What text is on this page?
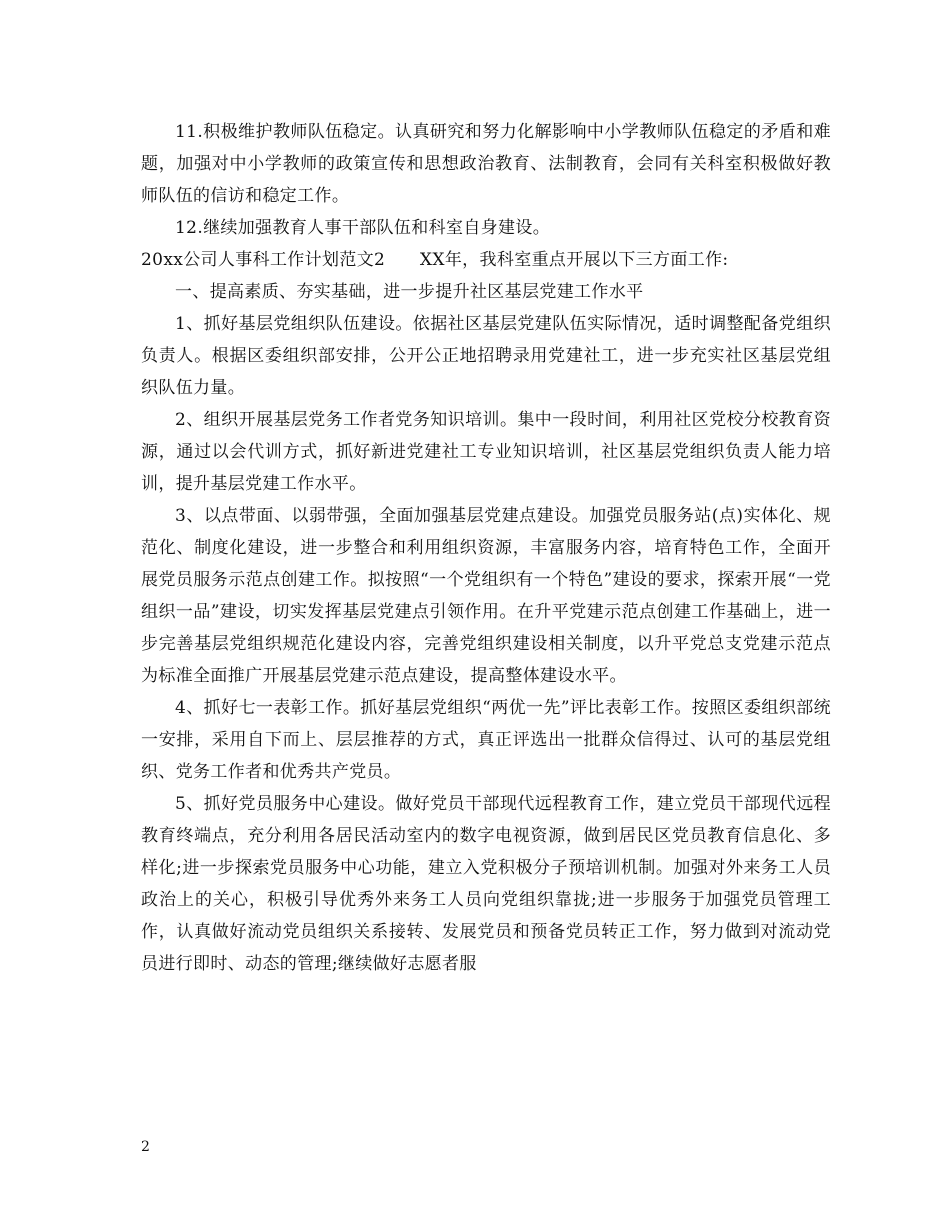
11.积极维护教师队伍稳定。认真研究和努力化解影响中小学教师队伍稳定的矛盾和难题，加强对中小学教师的政策宣传和思想政治教育、法制教育，会同有关科室积极做好教师队伍的信访和稳定工作。

12.继续加强教育人事干部队伍和科室自身建设。

20xx公司人事科工作计划范文2　　XX年，我科室重点开展以下三方面工作:

一、提高素质、夯实基础，进一步提升社区基层党建工作水平

1、抓好基层党组织队伍建设。依据社区基层党建队伍实际情况，适时调整配备党组织负责人。根据区委组织部安排，公开公正地招聘录用党建社工，进一步充实社区基层党组织队伍力量。

2、组织开展基层党务工作者党务知识培训。集中一段时间，利用社区党校分校教育资源，通过以会代训方式，抓好新进党建社工专业知识培训，社区基层党组织负责人能力培训，提升基层党建工作水平。

3、以点带面、以弱带强，全面加强基层党建点建设。加强党员服务站(点)实体化、规范化、制度化建设，进一步整合和利用组织资源，丰富服务内容，培育特色工作，全面开展党员服务示范点创建工作。拟按照“一个党组织有一个特色”建设的要求，探索开展“一党组织一品”建设，切实发挥基层党建点引领作用。在升平党建示范点创建工作基础上，进一步完善基层党组织规范化建设内容，完善党组织建设相关制度，以升平党总支党建示范点为标准全面推广开展基层党建示范点建设，提高整体建设水平。

4、抓好七一表彰工作。抓好基层党组织“两优一先”评比表彰工作。按照区委组织部统一安排，采用自下而上、层层推荐的方式，真正评选出一批群众信得过、认可的基层党组织、党务工作者和优秀共产党员。

5、抓好党员服务中心建设。做好党员干部现代远程教育工作，建立党员干部现代远程教育终端点，充分利用各居民活动室内的数字电视资源，做到居民区党员教育信息化、多样化;进一步探索党员服务中心功能，建立入党积极分子预培训机制。加强对外来务工人员政治上的关心，积极引导优秀外来务工人员向党组织靠拢;进一步服务于加强党员管理工作，认真做好流动党员组织关系接转、发展党员和预备党员转正工作，努力做到对流动党员进行即时、动态的管理;继续做好志愿者服

2
